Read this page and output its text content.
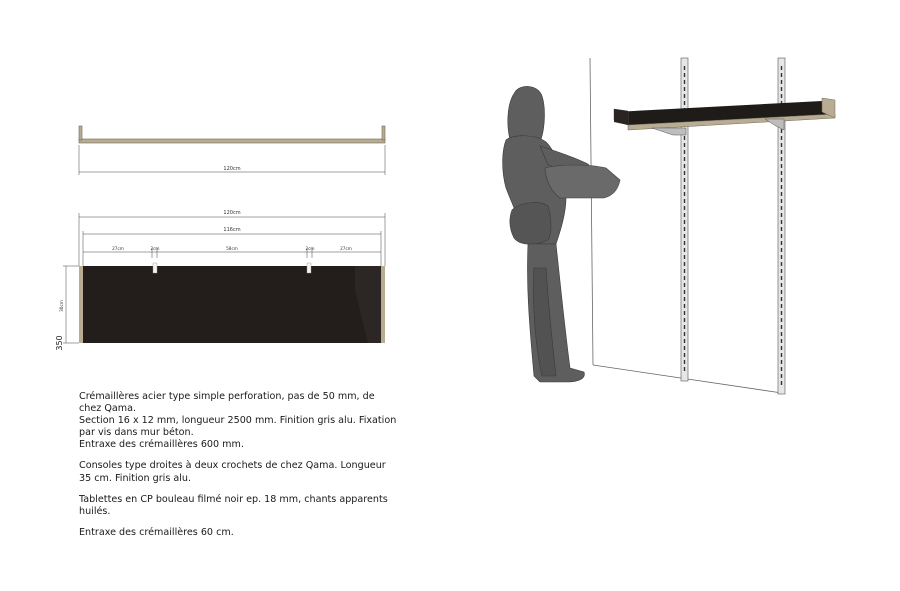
120cm
120cm
116cm
27cm	2cm	58cm	2cm	27cm
30cm
350

Crémaillères acier type simple perforation, pas de 50 mm, de chez Qama.

Section 16 x 12 mm, longueur 2500 mm. Finition gris alu. Fixation par vis dans mur béton.

Entraxe des crémaillères 600 mm.

Consoles type droites à deux crochets de chez Qama. Longueur 35 cm. Finition gris alu.

Tablettes en CP bouleau filmé noir ep. 18 mm, chants apparents huilés.

Entraxe des crémaillères 60 cm.
